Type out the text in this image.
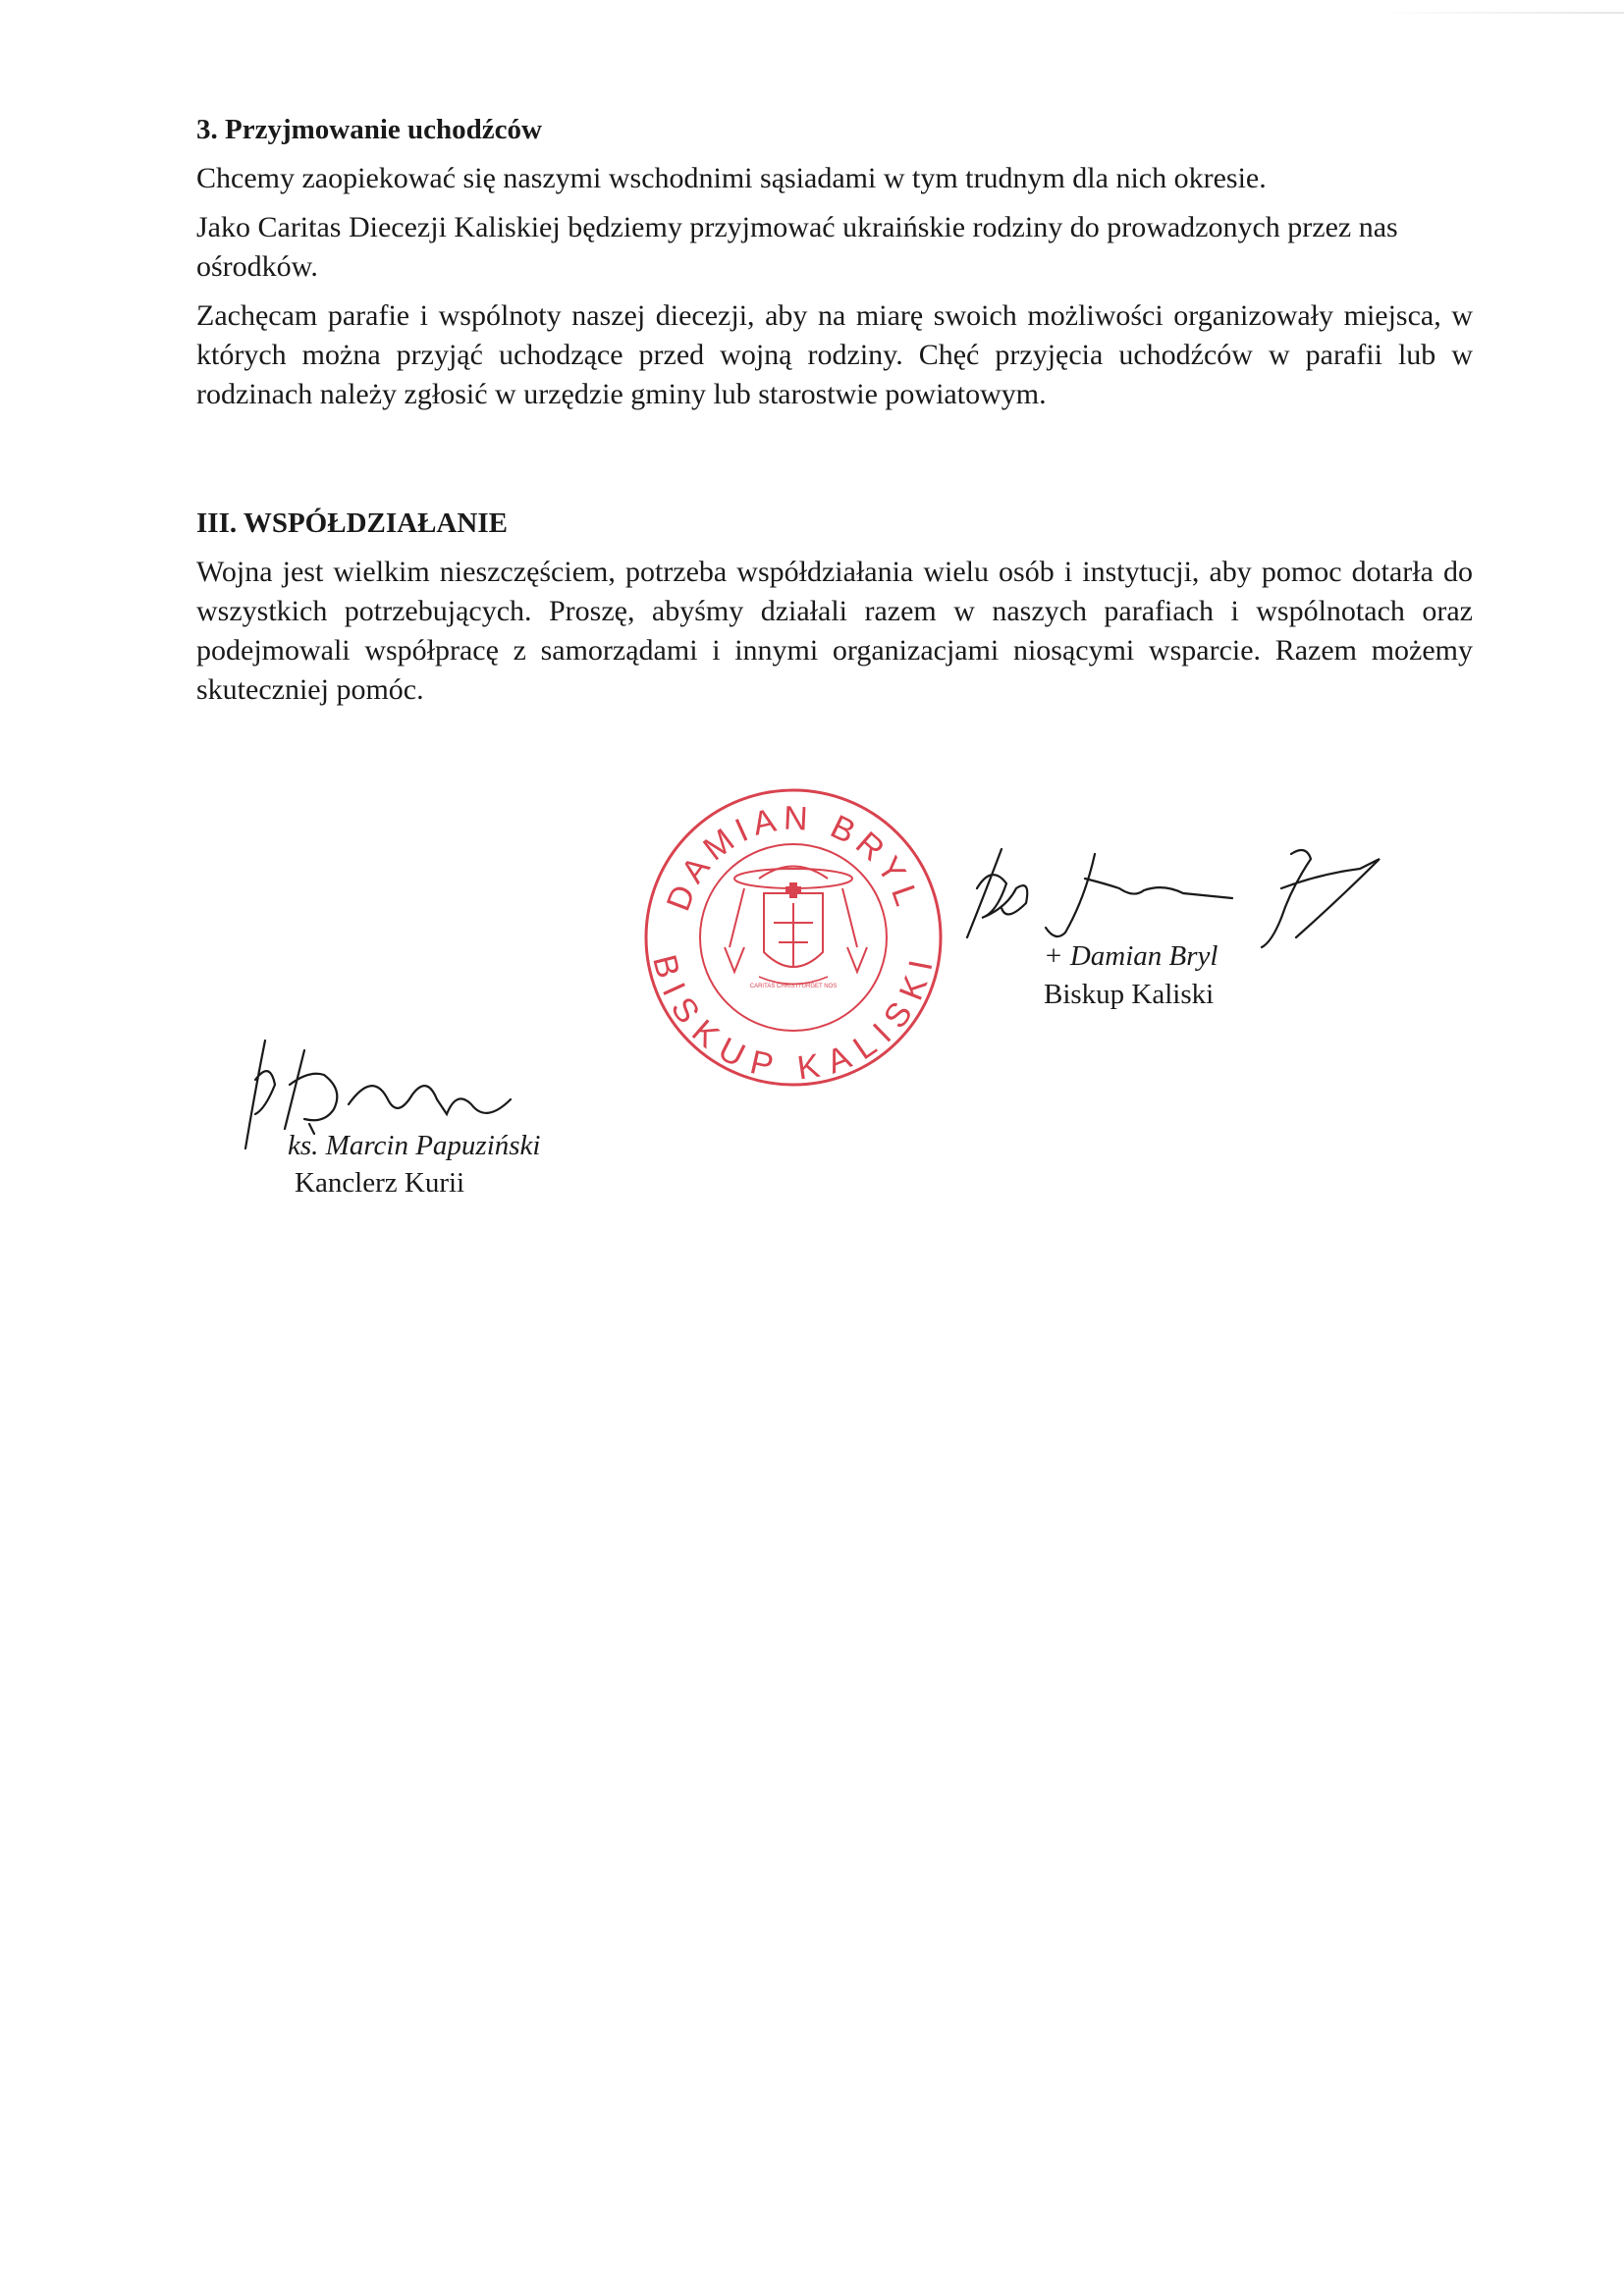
3. Przyjmowanie uchodźców

Chcemy zaopiekować się naszymi wschodnimi sąsiadami w tym trudnym dla nich okresie.

Jako Caritas Diecezji Kaliskiej będziemy przyjmować ukraińskie rodziny do prowadzonych przez nas ośrodków.

Zachęcam parafie i wspólnoty naszej diecezji, aby na miarę swoich możliwości organizowały miejsca, w których można przyjąć uchodzące przed wojną rodziny. Chęć przyjęcia uchodźców w parafii lub w rodzinach należy zgłosić w urzędzie gminy lub starostwie powiatowym.

III. WSPÓŁDZIAŁANIE

Wojna jest wielkim nieszczęściem, potrzeba współdziałania wielu osób i instytucji, aby pomoc dotarła do wszystkich potrzebujących. Proszę, abyśmy działali razem w naszych parafiach i wspólnotach oraz podejmowali współpracę z samorządami i innymi organizacjami niosącymi wsparcie. Razem możemy skuteczniej pomóc.

DAMIAN BRYL
BISKUP KALISKI
CARITAS CHRISTI URGET NOS
+ Damian Bryl
Biskup Kaliski
ks. Marcin Papuziński
Kanclerz Kurii
